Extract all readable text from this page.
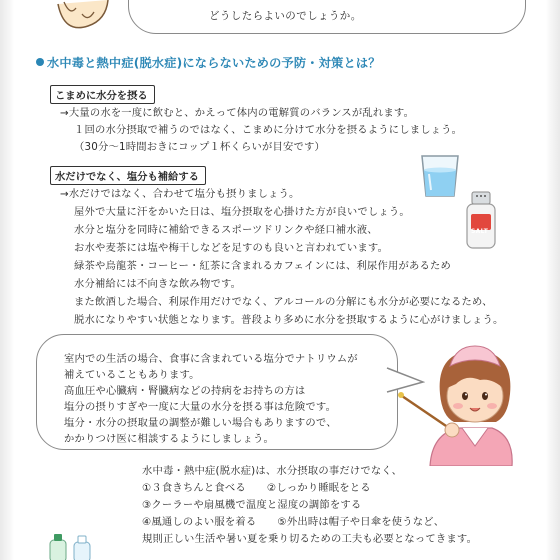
どうしたらよいのでしょうか。
水中毒と熱中症(脱水症)にならないための予防・対策とは？
こまめに水分を摂る
→大量の水を一度に飲むと、かえって体内の電解質のバランスが乱れます。
１回の水分摂取で補うのではなく、こまめに分けて水分を摂るようにしましょう。
（30分～1時間おきにコップ１杯くらいが目安です）
水だけでなく、塩分も補給する
→水だけではなく、合わせて塩分も摂りましょう。
屋外で大量に汗をかいた日は、塩分摂取を心掛けた方が良いでしょう。
水分と塩分を同時に補給できるスポーツドリンクや経口補水液、
お水や麦茶には塩や梅干しなどを足すのも良いと言われています。
緑茶や烏龍茶・コーヒー・紅茶に含まれるカフェインには、利尿作用があるため
水分補給には不向きな飲み物です。
また飲酒した場合、利尿作用だけでなく、アルコールの分解にも水分が必要になるため、
脱水になりやすい状態となります。普段より多めに水分を摂取するように心がけましょう。
SALT
室内での生活の場合、食事に含まれている塩分でナトリウムが
補えていることもあります。
高血圧や心臓病・腎臓病などの持病をお持ちの方は
塩分の摂りすぎや一度に大量の水分を摂る事は危険です。
塩分・水分の摂取量の調整が難しい場合もありますので、
かかりつけ医に相談するようにしましょう。
水中毒・熱中症(脱水症)は、水分摂取の事だけでなく、
①３食きちんと食べる　　②しっかり睡眠をとる
③クーラーや扇風機で温度と湿度の調節をする
④風通しのよい服を着る　　⑤外出時は帽子や日傘を使うなど、
規則正しい生活や暑い夏を乗り切るための工夫も必要となってきます。
